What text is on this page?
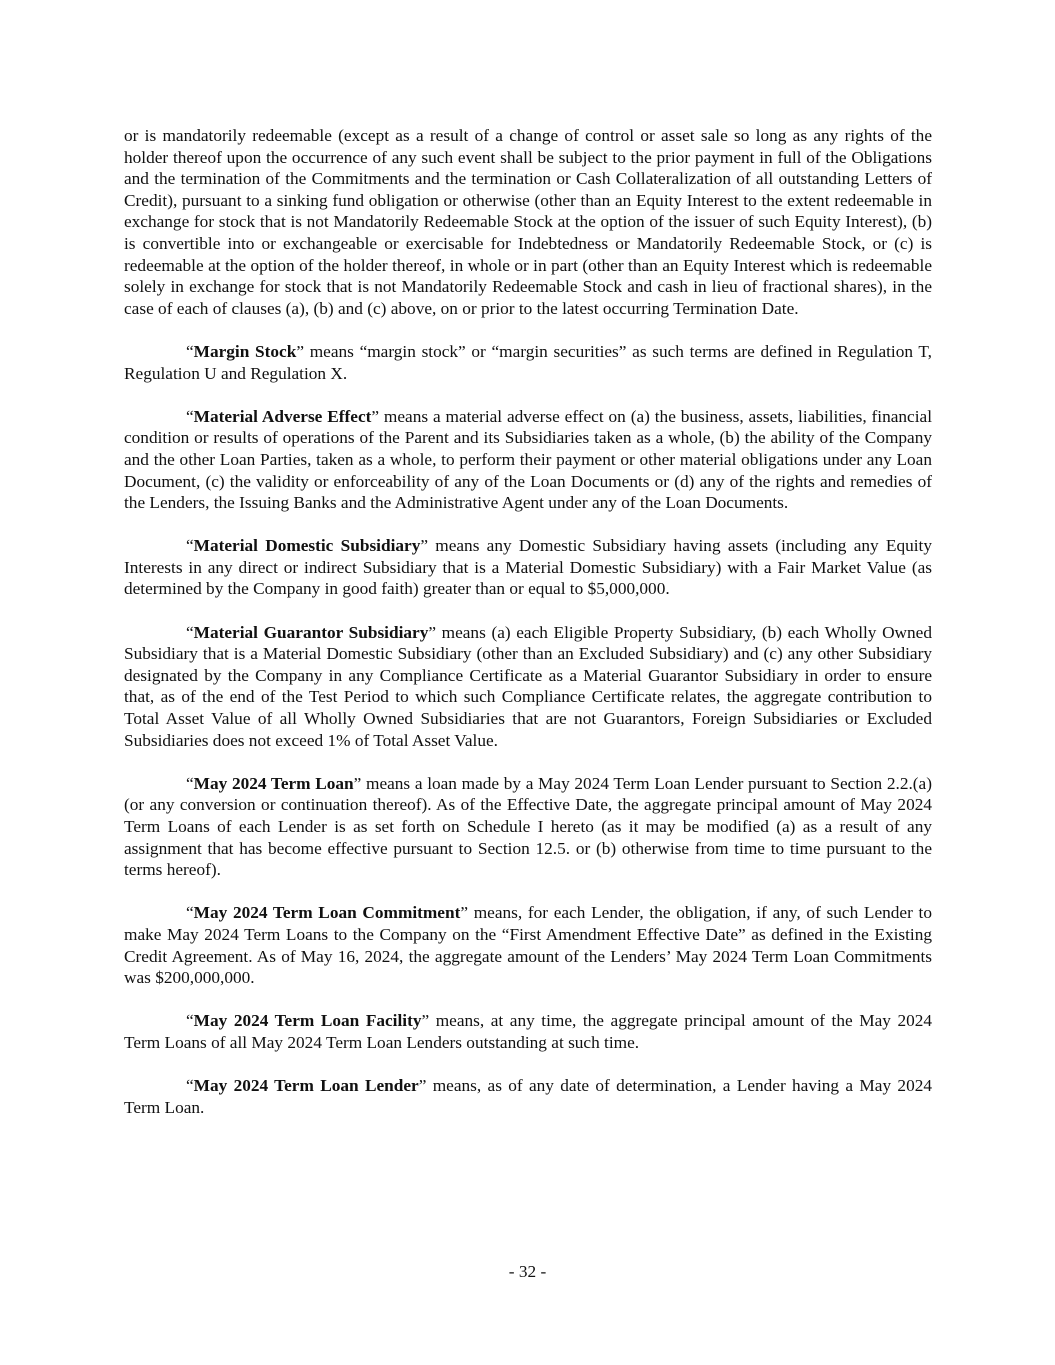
or is mandatorily redeemable (except as a result of a change of control or asset sale so long as any rights of the holder thereof upon the occurrence of any such event shall be subject to the prior payment in full of the Obligations and the termination of the Commitments and the termination or Cash Collateralization of all outstanding Letters of Credit), pursuant to a sinking fund obligation or otherwise (other than an Equity Interest to the extent redeemable in exchange for stock that is not Mandatorily Redeemable Stock at the option of the issuer of such Equity Interest), (b) is convertible into or exchangeable or exercisable for Indebtedness or Mandatorily Redeemable Stock, or (c) is redeemable at the option of the holder thereof, in whole or in part (other than an Equity Interest which is redeemable solely in exchange for stock that is not Mandatorily Redeemable Stock and cash in lieu of fractional shares), in the case of each of clauses (a), (b) and (c) above, on or prior to the latest occurring Termination Date.

“Margin Stock” means “margin stock” or “margin securities” as such terms are defined in Regulation T, Regulation U and Regulation X.

“Material Adverse Effect” means a material adverse effect on (a) the business, assets, liabilities, financial condition or results of operations of the Parent and its Subsidiaries taken as a whole, (b) the ability of the Company and the other Loan Parties, taken as a whole, to perform their payment or other material obligations under any Loan Document, (c) the validity or enforceability of any of the Loan Documents or (d) any of the rights and remedies of the Lenders, the Issuing Banks and the Administrative Agent under any of the Loan Documents.

“Material Domestic Subsidiary” means any Domestic Subsidiary having assets (including any Equity Interests in any direct or indirect Subsidiary that is a Material Domestic Subsidiary) with a Fair Market Value (as determined by the Company in good faith) greater than or equal to $5,000,000.

“Material Guarantor Subsidiary” means (a) each Eligible Property Subsidiary, (b) each Wholly Owned Subsidiary that is a Material Domestic Subsidiary (other than an Excluded Subsidiary) and (c) any other Subsidiary designated by the Company in any Compliance Certificate as a Material Guarantor Subsidiary in order to ensure that, as of the end of the Test Period to which such Compliance Certificate relates, the aggregate contribution to Total Asset Value of all Wholly Owned Subsidiaries that are not Guarantors, Foreign Subsidiaries or Excluded Subsidiaries does not exceed 1% of Total Asset Value.

“May 2024 Term Loan” means a loan made by a May 2024 Term Loan Lender pursuant to Section 2.2.(a) (or any conversion or continuation thereof). As of the Effective Date, the aggregate principal amount of May 2024 Term Loans of each Lender is as set forth on Schedule I hereto (as it may be modified (a) as a result of any assignment that has become effective pursuant to Section 12.5. or (b) otherwise from time to time pursuant to the terms hereof).

“May 2024 Term Loan Commitment” means, for each Lender, the obligation, if any, of such Lender to make May 2024 Term Loans to the Company on the “First Amendment Effective Date” as defined in the Existing Credit Agreement. As of May 16, 2024, the aggregate amount of the Lenders’ May 2024 Term Loan Commitments was $200,000,000.

“May 2024 Term Loan Facility” means, at any time, the aggregate principal amount of the May 2024 Term Loans of all May 2024 Term Loan Lenders outstanding at such time.

“May 2024 Term Loan Lender” means, as of any date of determination, a Lender having a May 2024 Term Loan.

- 32 -
